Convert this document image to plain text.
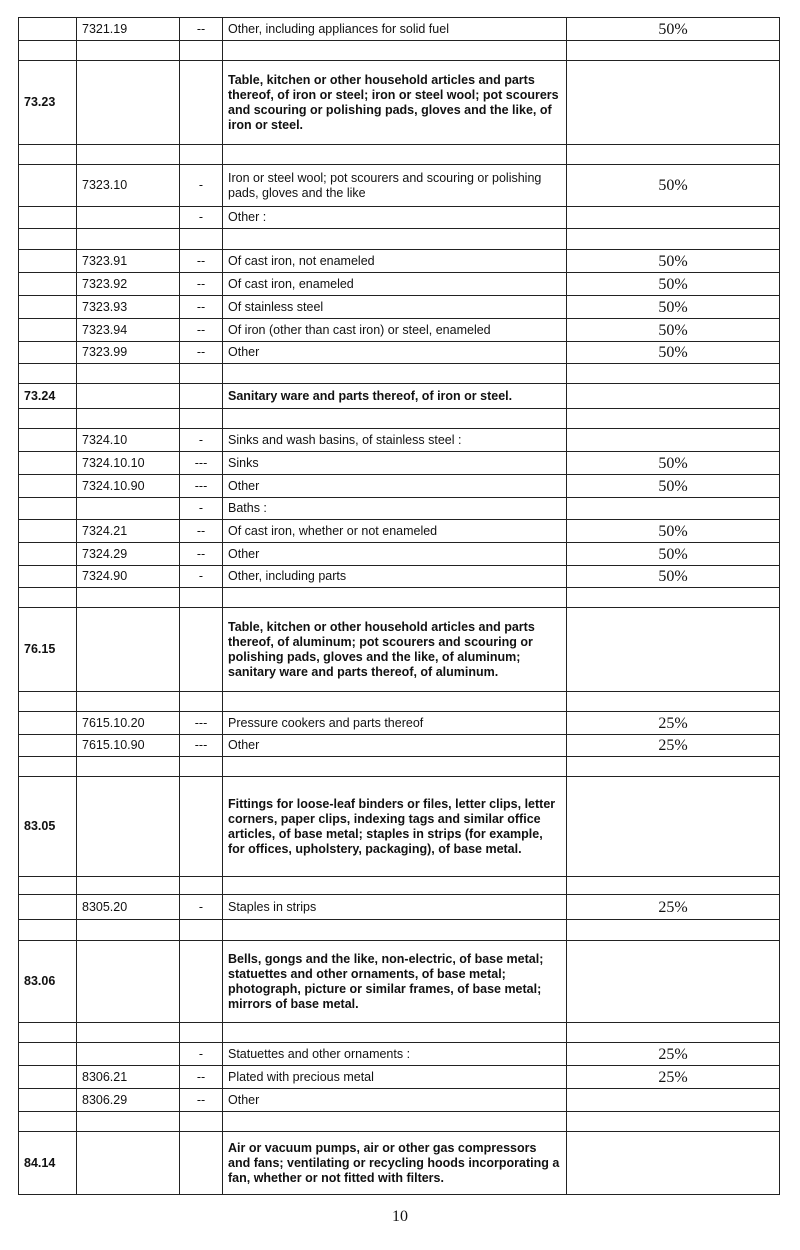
	7321.19	--	Other, including appliances for solid fuel	50%

73.23			Table, kitchen or other household articles and parts thereof, of iron or steel; iron or steel wool; pot scourers and scouring or polishing pads, gloves and the like, of iron or steel.	

	7323.10	-	Iron or steel wool; pot scourers and scouring or polishing pads, gloves and the like	50%
		-	Other :	

	7323.91	--	Of cast iron, not enameled	50%
	7323.92	--	Of cast iron, enameled	50%
	7323.93	--	Of stainless steel	50%
	7323.94	--	Of iron (other than cast iron) or steel, enameled	50%
	7323.99	--	Other	50%

73.24			Sanitary ware and parts thereof, of iron or steel.	

	7324.10	-	Sinks and wash basins, of stainless steel :	
	7324.10.10	---	Sinks	50%
	7324.10.90	---	Other	50%
		-	Baths :	
	7324.21	--	Of cast iron, whether or not enameled	50%
	7324.29	--	Other	50%
	7324.90	-	Other, including parts	50%

76.15			Table, kitchen or other household articles and parts thereof, of aluminum; pot scourers and scouring or polishing pads, gloves and the like, of aluminum; sanitary ware and parts thereof, of aluminum.	

	7615.10.20	---	Pressure cookers and parts thereof	25%
	7615.10.90	---	Other	25%

83.05			Fittings for loose-leaf binders or files, letter clips, letter corners, paper clips, indexing tags and similar office articles, of base metal; staples in strips (for example, for offices, upholstery, packaging), of base metal.	

	8305.20	-	Staples in strips	25%

83.06			Bells, gongs and the like, non-electric, of base metal; statuettes and other ornaments, of base metal; photograph, picture or similar frames, of base metal; mirrors of base metal.	

		-	Statuettes and other ornaments :	25%
	8306.21	--	Plated with precious metal	25%
	8306.29	--	Other	

84.14			Air or vacuum pumps, air or other gas compressors and fans; ventilating or recycling hoods incorporating a fan, whether or not fitted with filters.	
10
